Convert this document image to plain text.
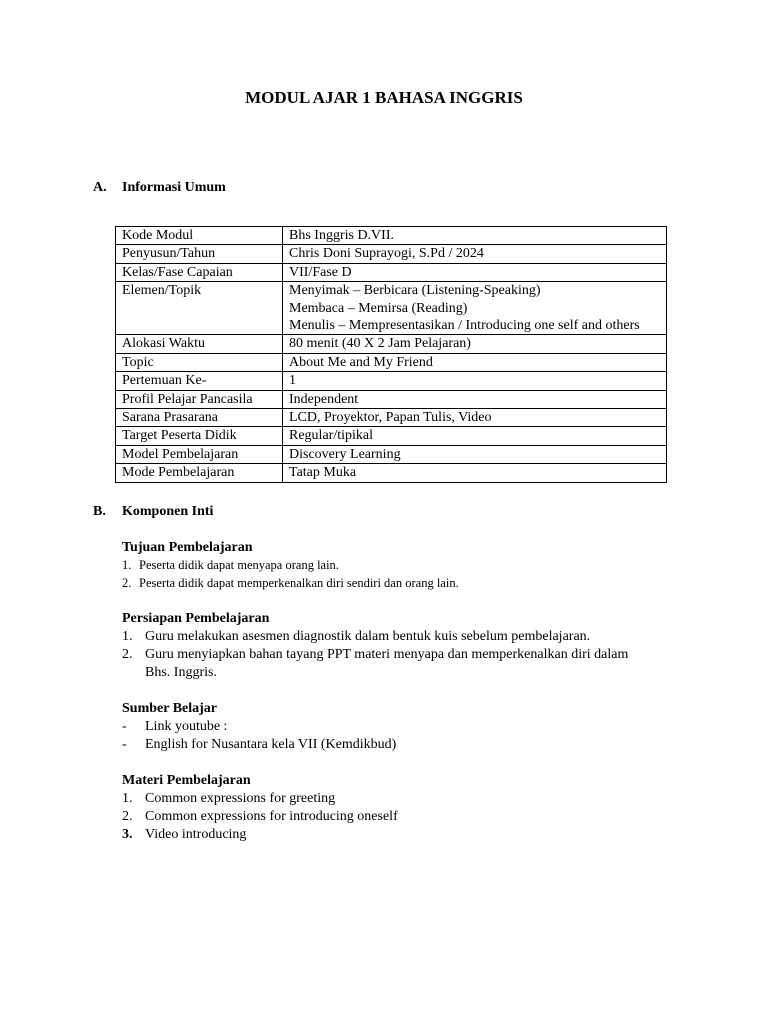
MODUL AJAR 1 BAHASA INGGRIS
A. Informasi Umum
Kode Modul	Bhs Inggris D.VII.

Penyusun/Tahun	Chris Doni Suprayogi, S.Pd / 2024

Kelas/Fase Capaian	VII/Fase D

Elemen/Topik	Menyimak – Berbicara (Listening-Speaking)
Membaca – Memirsa (Reading)
Menulis – Mempresentasikan / Introducing one self and others

Alokasi Waktu	80 menit (40 X 2 Jam Pelajaran)

Topic	About Me and My Friend

Pertemuan Ke-	1

Profil Pelajar Pancasila	Independent

Sarana Prasarana	LCD, Proyektor, Papan Tulis, Video

Target Peserta Didik	Regular/tipikal

Model Pembelajaran	Discovery Learning

Mode Pembelajaran	Tatap Muka
B. Komponen Inti
Tujuan Pembelajaran
1. Peserta didik dapat menyapa orang lain.
2. Peserta didik dapat memperkenalkan diri sendiri dan orang lain.
Persiapan Pembelajaran
1. Guru melakukan asesmen diagnostik dalam bentuk kuis sebelum pembelajaran.
2. Guru menyiapkan bahan tayang PPT materi menyapa dan memperkenalkan diri dalam Bhs. Inggris.
Sumber Belajar
-	Link youtube :
-	English for Nusantara kela VII (Kemdikbud)
Materi Pembelajaran
1. Common expressions for greeting
2. Common expressions for introducing oneself
3. Video introducing
